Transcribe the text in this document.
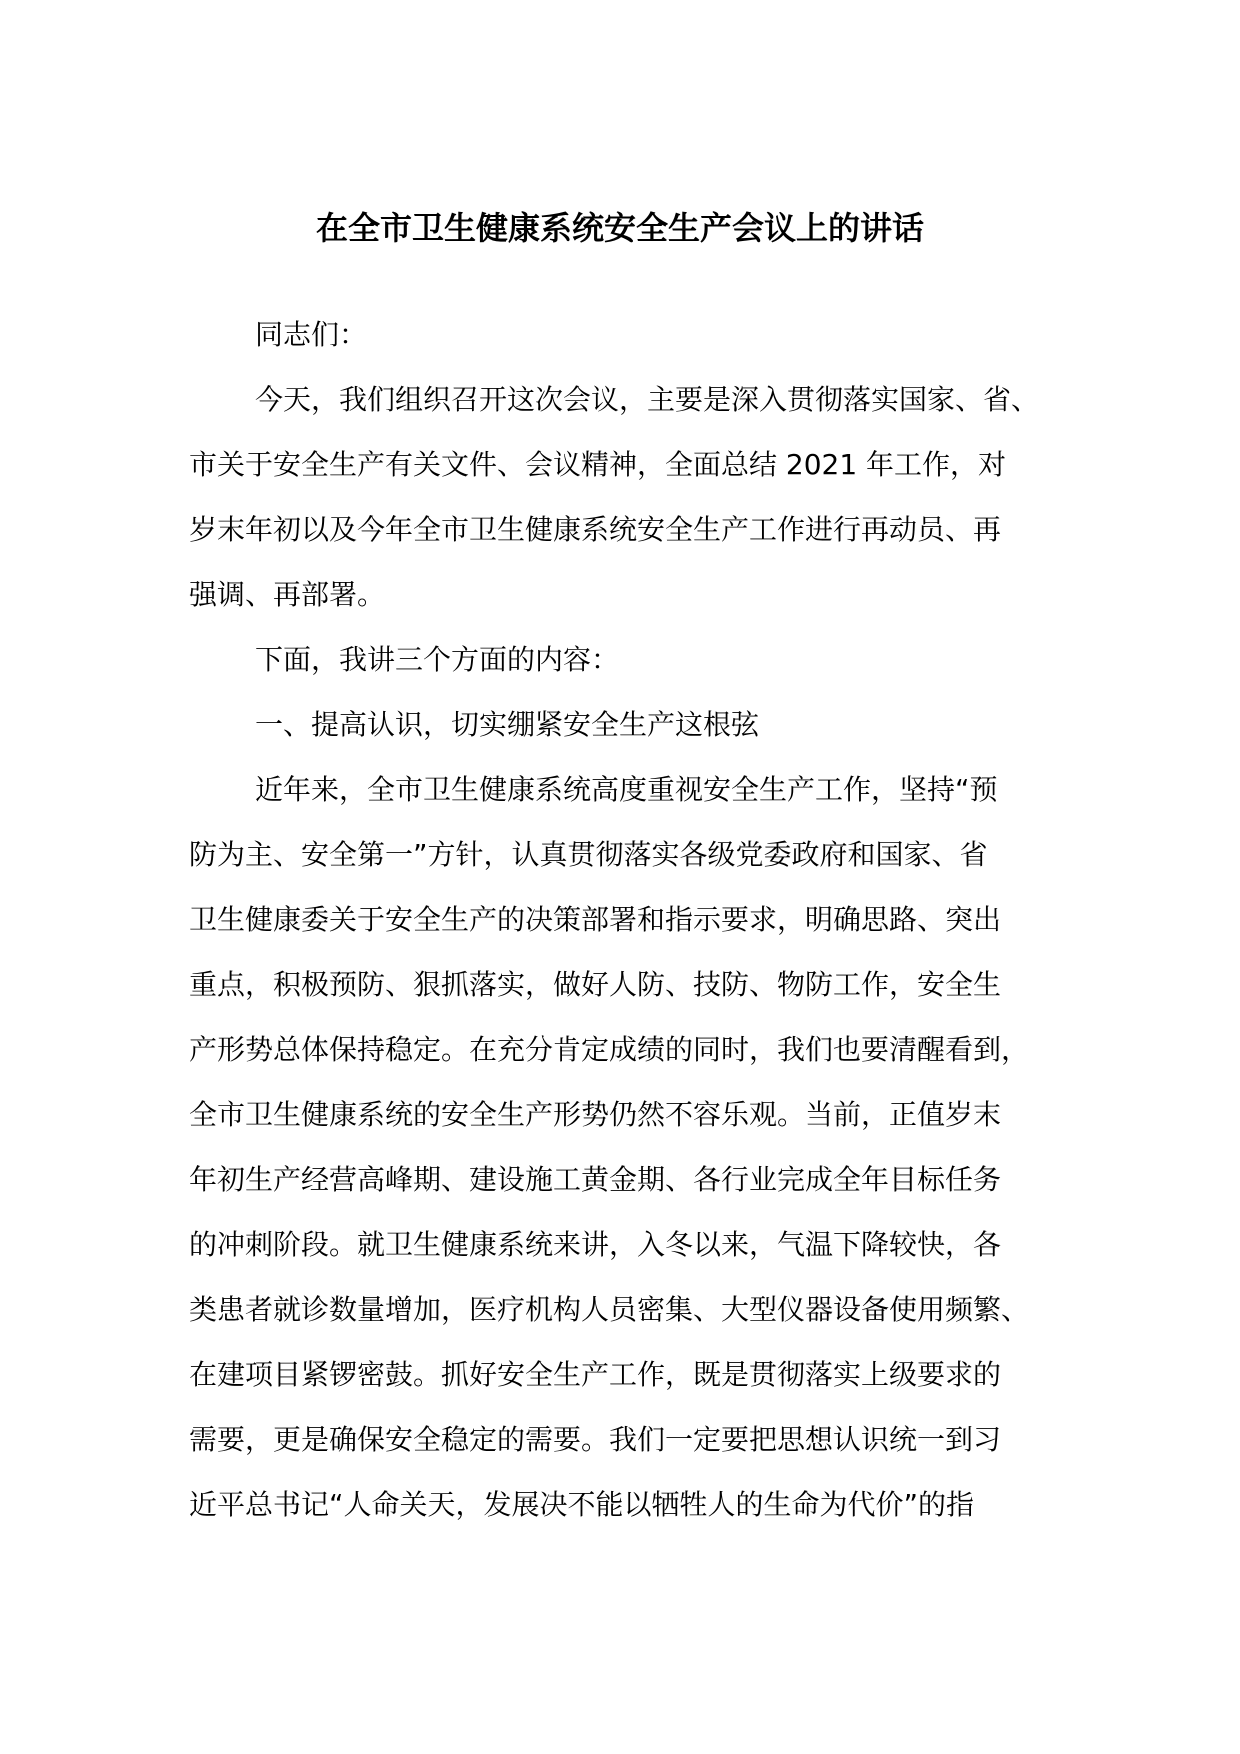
在全市卫生健康系统安全生产会议上的讲话

同志们：

今天，我们组织召开这次会议，主要是深入贯彻落实国家、省、
市关于安全生产有关文件、会议精神，全面总结 2021 年工作，对
岁末年初以及今年全市卫生健康系统安全生产工作进行再动员、再
强调、再部署。

下面，我讲三个方面的内容：

一、提高认识，切实绷紧安全生产这根弦

近年来，全市卫生健康系统高度重视安全生产工作，坚持“预
防为主、安全第一”方针，认真贯彻落实各级党委政府和国家、省
卫生健康委关于安全生产的决策部署和指示要求，明确思路、突出
重点，积极预防、狠抓落实，做好人防、技防、物防工作，安全生
产形势总体保持稳定。在充分肯定成绩的同时，我们也要清醒看到，
全市卫生健康系统的安全生产形势仍然不容乐观。当前，正值岁末
年初生产经营高峰期、建设施工黄金期、各行业完成全年目标任务
的冲刺阶段。就卫生健康系统来讲，入冬以来，气温下降较快，各
类患者就诊数量增加，医疗机构人员密集、大型仪器设备使用频繁、
在建项目紧锣密鼓。抓好安全生产工作，既是贯彻落实上级要求的
需要，更是确保安全稳定的需要。我们一定要把思想认识统一到习
近平总书记“人命关天，发展决不能以牺牲人的生命为代价”的指
